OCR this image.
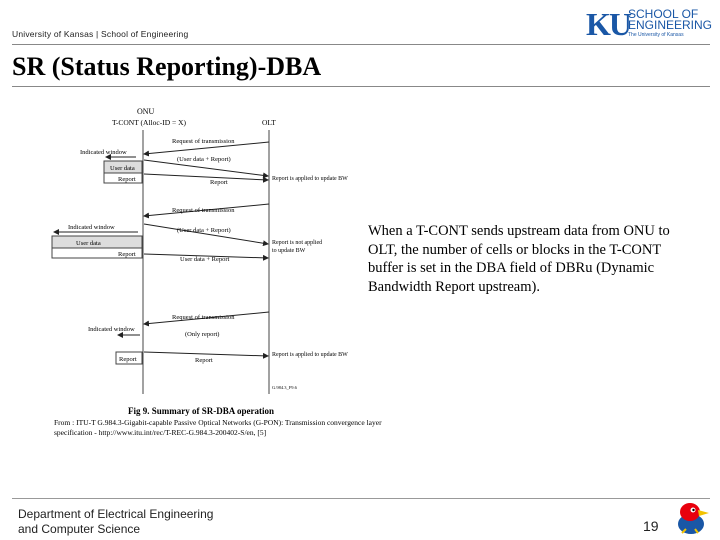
University of Kansas | School of Engineering	KU
SCHOOL OF
ENGINEERING
The University of Kansas
SR (Status Reporting)-DBA
ONU
T-CONT (Alloc-ID = X)	OLT
Request of transmission
Indicated window
User data
Report
(User data + Report)
Report is applied to update BW
Report
Request of transmission
Indicated window
User data
Report
(User data + Report)
Report is not applied
to update BW
User data + Report
Request of transmission
(Only report)
Indicated window
Report
Report is applied to update BW
Report
G.984.3_F9.6
When a T-CONT sends upstream data from ONU to OLT, the number of cells or blocks in the T-CONT buffer is set in the DBA field of DBRu (Dynamic Bandwidth Report upstream).
Fig 9. Summary of SR-DBA operation
From : ITU-T G.984.3-Gigabit-capable Passive Optical Networks (G-PON): Transmission convergence layer specification - http://www.itu.int/rec/T-REC-G.984.3-200402-S/en, [5]
Department of Electrical Engineering
and Computer Science	19
